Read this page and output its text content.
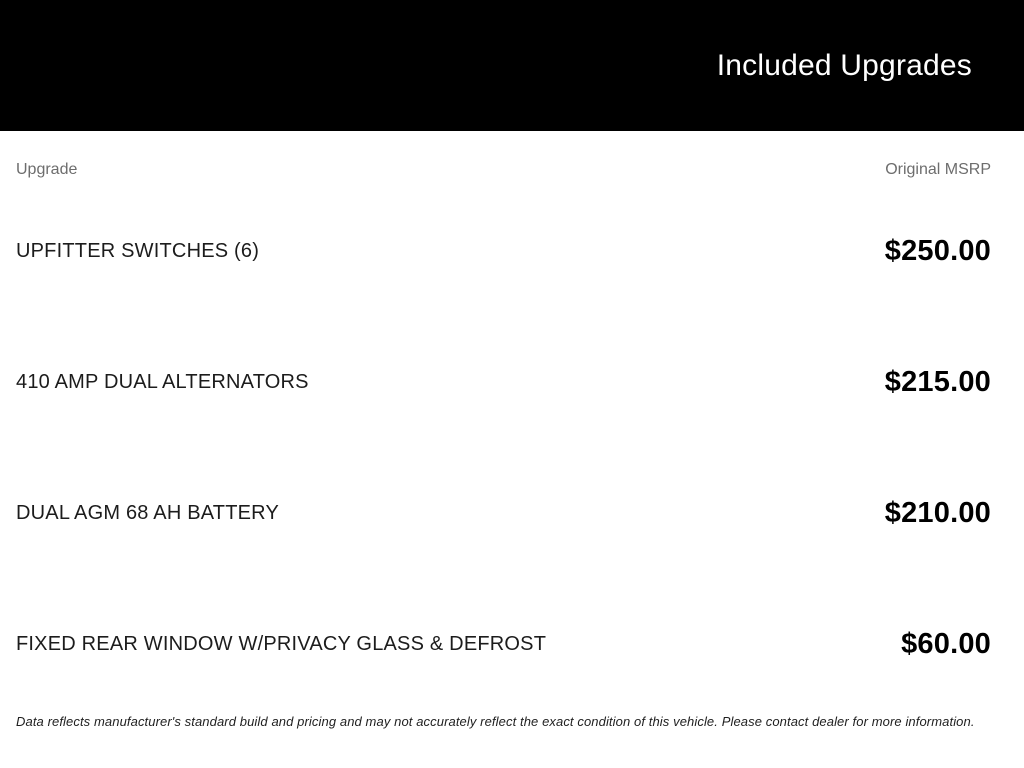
Included Upgrades
Upgrade	Original MSRP
UPFITTER SWITCHES (6)	$250.00
410 AMP DUAL ALTERNATORS	$215.00
DUAL AGM 68 AH BATTERY	$210.00
FIXED REAR WINDOW W/PRIVACY GLASS & DEFROST	$60.00

Data reflects manufacturer's standard build and pricing and may not accurately reflect the exact condition of this vehicle. Please contact dealer for more information.
